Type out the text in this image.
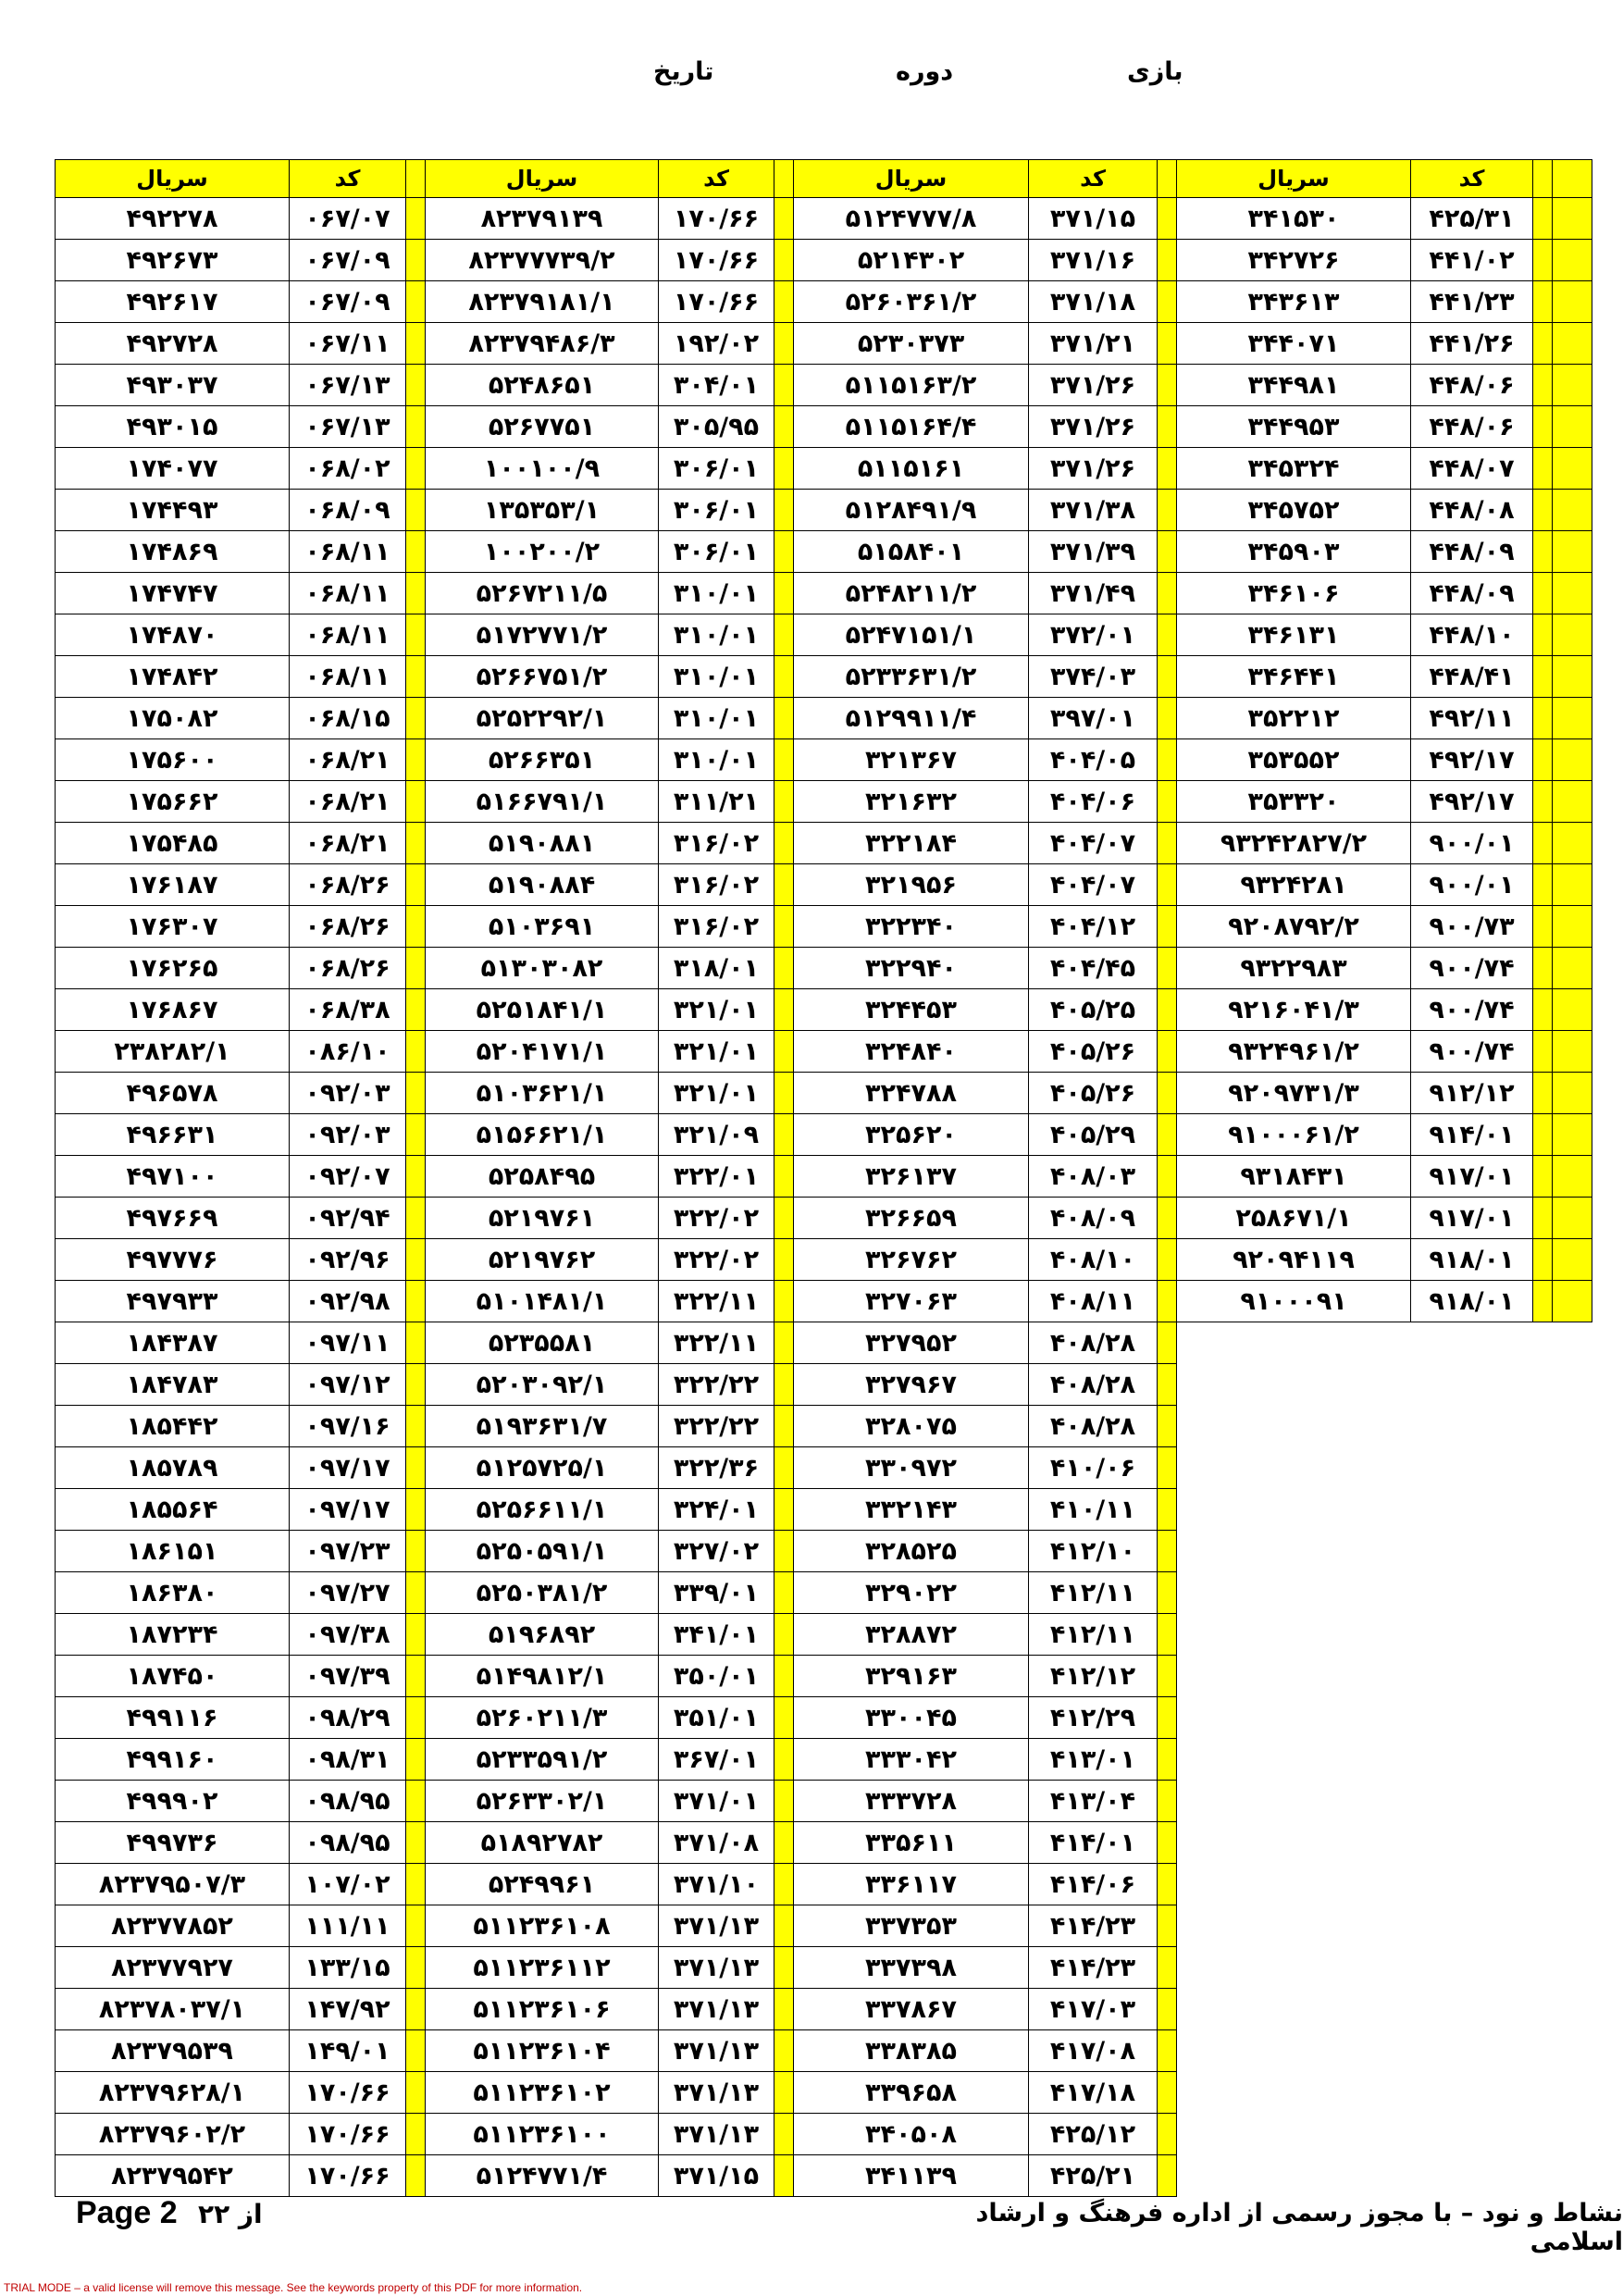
بازی
دوره
تاریخ
سریال	کد		سریال	کد		سریال	کد		سریال	کد		
۴۹۲۲۷۸	۰۶۷/۰۷		۸۲۳۷۹۱۳۹	۱۷۰/۶۶		۵۱۲۴۷۷۷/۸	۳۷۱/۱۵		۳۴۱۵۳۰	۴۲۵/۳۱		
۴۹۲۶۷۳	۰۶۷/۰۹		۸۲۳۷۷۷۳۹/۲	۱۷۰/۶۶		۵۲۱۴۳۰۲	۳۷۱/۱۶		۳۴۲۷۲۶	۴۴۱/۰۲		
۴۹۲۶۱۷	۰۶۷/۰۹		۸۲۳۷۹۱۸۱/۱	۱۷۰/۶۶		۵۲۶۰۳۶۱/۲	۳۷۱/۱۸		۳۴۳۶۱۳	۴۴۱/۲۳		
۴۹۲۷۲۸	۰۶۷/۱۱		۸۲۳۷۹۴۸۶/۳	۱۹۲/۰۲		۵۲۳۰۳۷۳	۳۷۱/۲۱		۳۴۴۰۷۱	۴۴۱/۲۶		
۴۹۳۰۳۷	۰۶۷/۱۳		۵۲۴۸۶۵۱	۳۰۴/۰۱		۵۱۱۵۱۶۳/۲	۳۷۱/۲۶		۳۴۴۹۸۱	۴۴۸/۰۶		
۴۹۳۰۱۵	۰۶۷/۱۳		۵۲۶۷۷۵۱	۳۰۵/۹۵		۵۱۱۵۱۶۴/۴	۳۷۱/۲۶		۳۴۴۹۵۳	۴۴۸/۰۶		
۱۷۴۰۷۷	۰۶۸/۰۲		۱۰۰۱۰۰/۹	۳۰۶/۰۱		۵۱۱۵۱۶۱	۳۷۱/۲۶		۳۴۵۳۲۴	۴۴۸/۰۷		
۱۷۴۴۹۳	۰۶۸/۰۹		۱۳۵۳۵۳/۱	۳۰۶/۰۱		۵۱۲۸۴۹۱/۹	۳۷۱/۳۸		۳۴۵۷۵۲	۴۴۸/۰۸		
۱۷۴۸۶۹	۰۶۸/۱۱		۱۰۰۲۰۰/۲	۳۰۶/۰۱		۵۱۵۸۴۰۱	۳۷۱/۳۹		۳۴۵۹۰۳	۴۴۸/۰۹		
۱۷۴۷۴۷	۰۶۸/۱۱		۵۲۶۷۲۱۱/۵	۳۱۰/۰۱		۵۲۴۸۲۱۱/۲	۳۷۱/۴۹		۳۴۶۱۰۶	۴۴۸/۰۹		
۱۷۴۸۷۰	۰۶۸/۱۱		۵۱۷۲۷۷۱/۲	۳۱۰/۰۱		۵۲۴۷۱۵۱/۱	۳۷۲/۰۱		۳۴۶۱۳۱	۴۴۸/۱۰		
۱۷۴۸۴۲	۰۶۸/۱۱		۵۲۶۶۷۵۱/۲	۳۱۰/۰۱		۵۲۳۳۶۳۱/۲	۳۷۴/۰۳		۳۴۶۴۴۱	۴۴۸/۴۱		
۱۷۵۰۸۲	۰۶۸/۱۵		۵۲۵۲۲۹۲/۱	۳۱۰/۰۱		۵۱۲۹۹۱۱/۴	۳۹۷/۰۱		۳۵۲۲۱۲	۴۹۲/۱۱		
۱۷۵۶۰۰	۰۶۸/۲۱		۵۲۶۶۳۵۱	۳۱۰/۰۱		۳۲۱۳۶۷	۴۰۴/۰۵		۳۵۳۵۵۲	۴۹۲/۱۷		
۱۷۵۶۶۲	۰۶۸/۲۱		۵۱۶۶۷۹۱/۱	۳۱۱/۲۱		۳۲۱۶۳۲	۴۰۴/۰۶		۳۵۳۳۲۰	۴۹۲/۱۷		
۱۷۵۴۸۵	۰۶۸/۲۱		۵۱۹۰۸۸۱	۳۱۶/۰۲		۳۲۲۱۸۴	۴۰۴/۰۷		۹۳۲۴۲۸۲۷/۲	۹۰۰/۰۱		
۱۷۶۱۸۷	۰۶۸/۲۶		۵۱۹۰۸۸۴	۳۱۶/۰۲		۳۲۱۹۵۶	۴۰۴/۰۷		۹۳۲۴۲۸۱	۹۰۰/۰۱		
۱۷۶۳۰۷	۰۶۸/۲۶		۵۱۰۳۶۹۱	۳۱۶/۰۲		۳۲۲۳۴۰	۴۰۴/۱۲		۹۲۰۸۷۹۲/۲	۹۰۰/۷۳		
۱۷۶۲۶۵	۰۶۸/۲۶		۵۱۳۰۳۰۸۲	۳۱۸/۰۱		۳۲۲۹۴۰	۴۰۴/۴۵		۹۳۲۲۹۸۳	۹۰۰/۷۴		
۱۷۶۸۶۷	۰۶۸/۳۸		۵۲۵۱۸۴۱/۱	۳۲۱/۰۱		۳۲۴۴۵۳	۴۰۵/۲۵		۹۲۱۶۰۴۱/۳	۹۰۰/۷۴		
۲۳۸۲۸۲/۱	۰۸۶/۱۰		۵۲۰۴۱۷۱/۱	۳۲۱/۰۱		۳۲۴۸۴۰	۴۰۵/۲۶		۹۳۲۴۹۶۱/۲	۹۰۰/۷۴		
۴۹۶۵۷۸	۰۹۲/۰۳		۵۱۰۳۶۲۱/۱	۳۲۱/۰۱		۳۲۴۷۸۸	۴۰۵/۲۶		۹۲۰۹۷۳۱/۳	۹۱۲/۱۲		
۴۹۶۶۳۱	۰۹۲/۰۳		۵۱۵۶۶۲۱/۱	۳۲۱/۰۹		۳۲۵۶۲۰	۴۰۵/۲۹		۹۱۰۰۰۶۱/۲	۹۱۴/۰۱		
۴۹۷۱۰۰	۰۹۲/۰۷		۵۲۵۸۴۹۵	۳۲۲/۰۱		۳۲۶۱۳۷	۴۰۸/۰۳		۹۳۱۸۴۳۱	۹۱۷/۰۱		
۴۹۷۶۶۹	۰۹۲/۹۴		۵۲۱۹۷۶۱	۳۲۲/۰۲		۳۲۶۶۵۹	۴۰۸/۰۹		۲۵۸۶۷۱/۱	۹۱۷/۰۱		
۴۹۷۷۷۶	۰۹۲/۹۶		۵۲۱۹۷۶۲	۳۲۲/۰۲		۳۲۶۷۶۲	۴۰۸/۱۰		۹۲۰۹۴۱۱۹	۹۱۸/۰۱		
۴۹۷۹۳۳	۰۹۲/۹۸		۵۱۰۱۴۸۱/۱	۳۲۲/۱۱		۳۲۷۰۶۳	۴۰۸/۱۱		۹۱۰۰۰۹۱	۹۱۸/۰۱		
۱۸۴۳۸۷	۰۹۷/۱۱		۵۲۳۵۵۸۱	۳۲۲/۱۱		۳۲۷۹۵۲	۴۰۸/۲۸					
۱۸۴۷۸۳	۰۹۷/۱۲		۵۲۰۳۰۹۲/۱	۳۲۲/۲۲		۳۲۷۹۶۷	۴۰۸/۲۸					
۱۸۵۴۴۲	۰۹۷/۱۶		۵۱۹۳۶۳۱/۷	۳۲۲/۲۲		۳۲۸۰۷۵	۴۰۸/۲۸					
۱۸۵۷۸۹	۰۹۷/۱۷		۵۱۲۵۷۲۵/۱	۳۲۲/۳۶		۳۳۰۹۷۲	۴۱۰/۰۶					
۱۸۵۵۶۴	۰۹۷/۱۷		۵۲۵۶۶۱۱/۱	۳۲۴/۰۱		۳۳۲۱۴۳	۴۱۰/۱۱					
۱۸۶۱۵۱	۰۹۷/۲۳		۵۲۵۰۵۹۱/۱	۳۲۷/۰۲		۳۲۸۵۲۵	۴۱۲/۱۰					
۱۸۶۳۸۰	۰۹۷/۲۷		۵۲۵۰۳۸۱/۲	۳۳۹/۰۱		۳۲۹۰۲۲	۴۱۲/۱۱					
۱۸۷۲۳۴	۰۹۷/۳۸		۵۱۹۶۸۹۲	۳۴۱/۰۱		۳۲۸۸۷۲	۴۱۲/۱۱					
۱۸۷۴۵۰	۰۹۷/۳۹		۵۱۴۹۸۱۲/۱	۳۵۰/۰۱		۳۲۹۱۶۳	۴۱۲/۱۲					
۴۹۹۱۱۶	۰۹۸/۲۹		۵۲۶۰۲۱۱/۳	۳۵۱/۰۱		۳۳۰۰۴۵	۴۱۲/۲۹					
۴۹۹۱۶۰	۰۹۸/۳۱		۵۲۳۳۵۹۱/۲	۳۶۷/۰۱		۳۳۳۰۴۲	۴۱۳/۰۱					
۴۹۹۹۰۲	۰۹۸/۹۵		۵۲۶۳۳۰۲/۱	۳۷۱/۰۱		۳۳۳۷۲۸	۴۱۳/۰۴					
۴۹۹۷۳۶	۰۹۸/۹۵		۵۱۸۹۲۷۸۲	۳۷۱/۰۸		۳۳۵۶۱۱	۴۱۴/۰۱					
۸۲۳۷۹۵۰۷/۳	۱۰۷/۰۲		۵۲۴۹۹۶۱	۳۷۱/۱۰		۳۳۶۱۱۷	۴۱۴/۰۶					
۸۲۳۷۷۸۵۲	۱۱۱/۱۱		۵۱۱۲۳۶۱۰۸	۳۷۱/۱۳		۳۳۷۳۵۳	۴۱۴/۲۳					
۸۲۳۷۷۹۲۷	۱۳۳/۱۵		۵۱۱۲۳۶۱۱۲	۳۷۱/۱۳		۳۳۷۳۹۸	۴۱۴/۲۳					
۸۲۳۷۸۰۳۷/۱	۱۴۷/۹۲		۵۱۱۲۳۶۱۰۶	۳۷۱/۱۳		۳۳۷۸۶۷	۴۱۷/۰۳					
۸۲۳۷۹۵۳۹	۱۴۹/۰۱		۵۱۱۲۳۶۱۰۴	۳۷۱/۱۳		۳۳۸۳۸۵	۴۱۷/۰۸					
۸۲۳۷۹۶۲۸/۱	۱۷۰/۶۶		۵۱۱۲۳۶۱۰۲	۳۷۱/۱۳		۳۳۹۶۵۸	۴۱۷/۱۸					
۸۲۳۷۹۶۰۲/۲	۱۷۰/۶۶		۵۱۱۲۳۶۱۰۰	۳۷۱/۱۳		۳۴۰۵۰۸	۴۲۵/۱۲					
۸۲۳۷۹۵۴۲	۱۷۰/۶۶		۵۱۲۴۷۷۱/۴	۳۷۱/۱۵		۳۴۱۱۳۹	۴۲۵/۲۱					
نشاط و نود – با مجوز رسمی از اداره فرهنگ و ارشاد اسلامی
از ۲۲
Page 2
TRIAL MODE – a valid license will remove this message. See the keywords property of this PDF for more information.
